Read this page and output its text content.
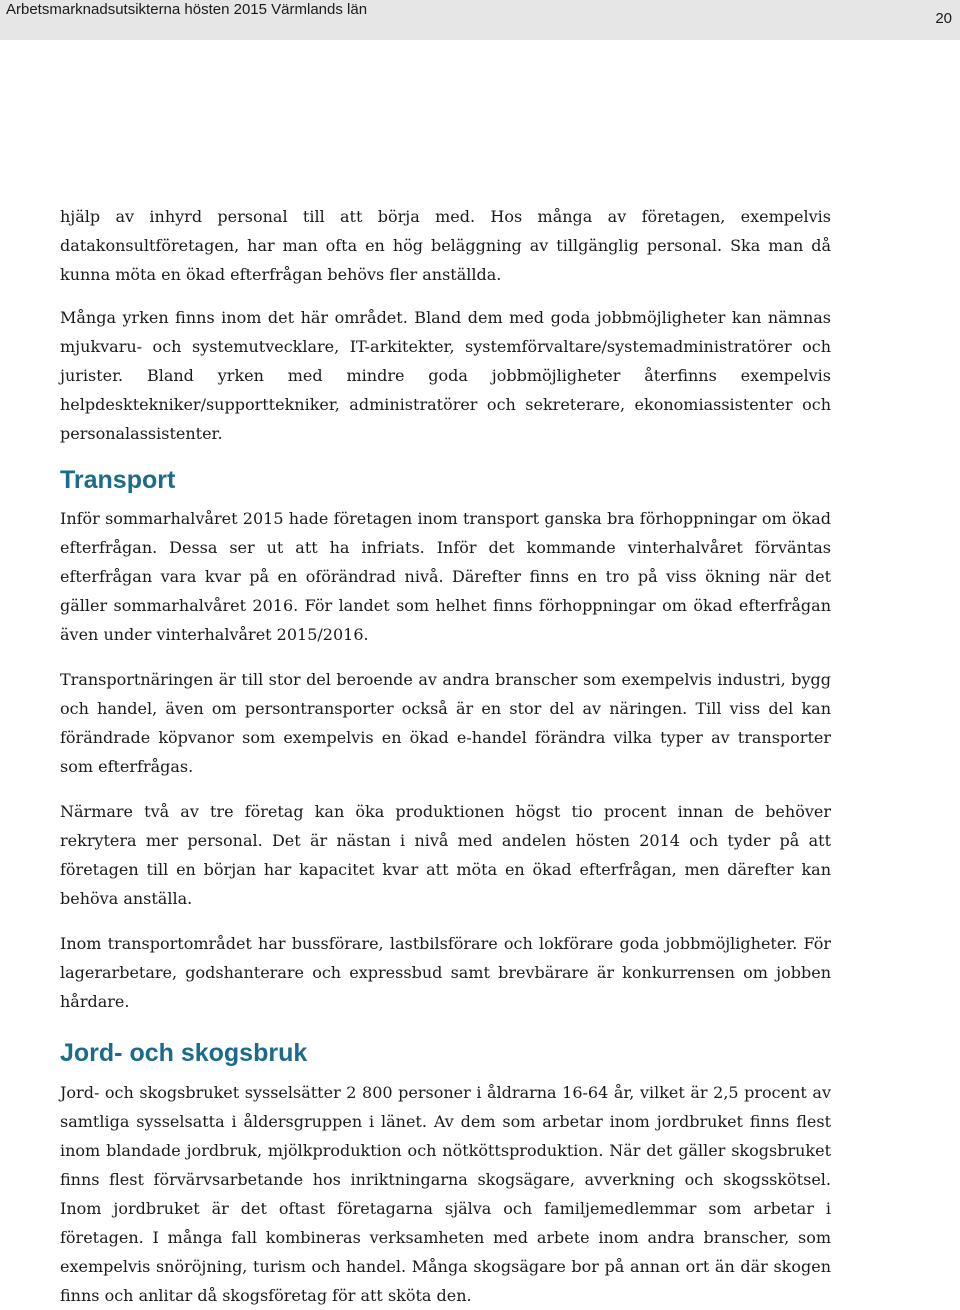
Arbetsmarknadsutsikterna hösten 2015 Värmlands län
20

hjälp av inhyrd personal till att börja med. Hos många av företagen, exempelvis datakonsultföretagen, har man ofta en hög beläggning av tillgänglig personal. Ska man då kunna möta en ökad efterfrågan behövs fler anställda.

Många yrken finns inom det här området. Bland dem med goda jobbmöjligheter kan nämnas mjukvaru- och systemutvecklare, IT-arkitekter, systemförvaltare/systemadministratörer och jurister. Bland yrken med mindre goda jobbmöjligheter återfinns exempelvis helpdesktekniker/supporttekniker, administratörer och sekreterare, ekonomiassistenter och personalassistenter.

Transport

Inför sommarhalvåret 2015 hade företagen inom transport ganska bra förhoppningar om ökad efterfrågan. Dessa ser ut att ha infriats. Inför det kommande vinterhalvåret förväntas efterfrågan vara kvar på en oförändrad nivå. Därefter finns en tro på viss ökning när det gäller sommarhalvåret 2016. För landet som helhet finns förhoppningar om ökad efterfrågan även under vinterhalvåret 2015/2016.

Transportnäringen är till stor del beroende av andra branscher som exempelvis industri, bygg och handel, även om persontransporter också är en stor del av näringen. Till viss del kan förändrade köpvanor som exempelvis en ökad e-handel förändra vilka typer av transporter som efterfrågas.

Närmare två av tre företag kan öka produktionen högst tio procent innan de behöver rekrytera mer personal. Det är nästan i nivå med andelen hösten 2014 och tyder på att företagen till en början har kapacitet kvar att möta en ökad efterfrågan, men därefter kan behöva anställa.

Inom transportområdet har bussförare, lastbilsförare och lokförare goda jobbmöjligheter. För lagerarbetare, godshanterare och expressbud samt brevbärare är konkurrensen om jobben hårdare.

Jord- och skogsbruk

Jord- och skogsbruket sysselsätter 2 800 personer i åldrarna 16-64 år, vilket är 2,5 procent av samtliga sysselsatta i åldersgruppen i länet. Av dem som arbetar inom jordbruket finns flest inom blandade jordbruk, mjölkproduktion och nötköttsproduktion. När det gäller skogsbruket finns flest förvärvsarbetande hos inriktningarna skogsägare, avverkning och skogsskötsel. Inom jordbruket är det oftast företagarna själva och familjemedlemmar som arbetar i företagen. I många fall kombineras verksamheten med arbete inom andra branscher, som exempelvis snöröjning, turism och handel. Många skogsägare bor på annan ort än där skogen finns och anlitar då skogsföretag för att sköta den.
